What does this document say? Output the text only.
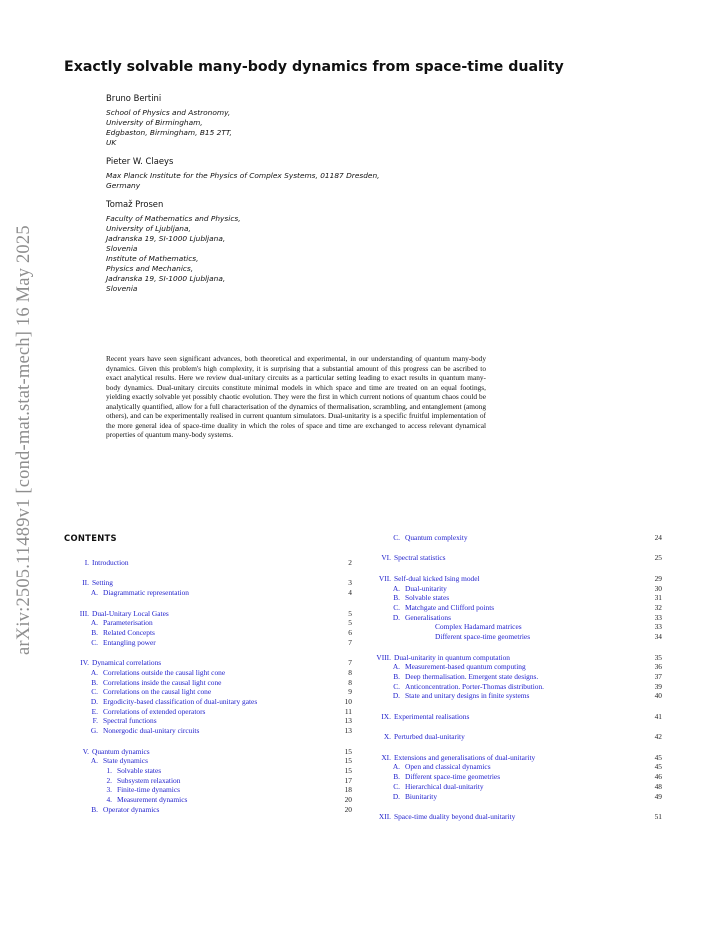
arXiv:2505.11489v1 [cond-mat.stat-mech] 16 May 2025
Exactly solvable many-body dynamics from space-time duality
Bruno Bertini
School of Physics and Astronomy,
University of Birmingham,
Edgbaston, Birmingham, B15 2TT,
UK
Pieter W. Claeys
Max Planck Institute for the Physics of Complex Systems, 01187 Dresden,
Germany
Tomaž Prosen
Faculty of Mathematics and Physics,
University of Ljubljana,
Jadranska 19, SI-1000 Ljubljana,
Slovenia
Institute of Mathematics,
Physics and Mechanics,
Jadranska 19, SI-1000 Ljubljana,
Slovenia
Recent years have seen significant advances, both theoretical and experimental, in our understanding of quantum many-body dynamics. Given this problem's high complexity, it is surprising that a substantial amount of this progress can be ascribed to exact analytical results. Here we review dual-unitary circuits as a particular setting leading to exact results in quantum many-body dynamics. Dual-unitary circuits constitute minimal models in which space and time are treated on an equal footings, yielding exactly solvable yet possibly chaotic evolution. They were the first in which current notions of quantum chaos could be analytically quantified, allow for a full characterisation of the dynamics of thermalisation, scrambling, and entanglement (among others), and can be experimentally realised in current quantum simulators. Dual-unitarity is a specific fruitful implementation of the more general idea of space-time duality in which the roles of space and time are exchanged to access relevant dynamical properties of quantum many-body systems.
CONTENTS
I. Introduction	2
II. Setting	3
A. Diagrammatic representation	4
III. Dual-Unitary Local Gates	5
A. Parameterisation	5
B. Related Concepts	6
C. Entangling power	7
IV. Dynamical correlations	7
A. Correlations outside the causal light cone	8
B. Correlations inside the causal light cone	8
C. Correlations on the causal light cone	9
D. Ergodicity-based classification of dual-unitary gates	10
E. Correlations of extended operators	11
F. Spectral functions	13
G. Nonergodic dual-unitary circuits	13
V. Quantum dynamics	15
A. State dynamics	15
1. Solvable states	15
2. Subsystem relaxation	17
3. Finite-time dynamics	18
4. Measurement dynamics	20
B. Operator dynamics	20
C. Quantum complexity	24
VI. Spectral statistics	25
VII. Self-dual kicked Ising model	29
A. Dual-unitarity	30
B. Solvable states	31
C. Matchgate and Clifford points	32
D. Generalisations	33
Complex Hadamard matrices	33
Different space-time geometries	34
VIII. Dual-unitarity in quantum computation	35
A. Measurement-based quantum computing	36
B. Deep thermalisation. Emergent state designs.	37
C. Anticoncentration. Porter-Thomas distribution.	39
D. State and unitary designs in finite systems	40
IX. Experimental realisations	41
X. Perturbed dual-unitarity	42
XI. Extensions and generalisations of dual-unitarity	45
A. Open and classical dynamics	45
B. Different space-time geometries	46
C. Hierarchical dual-unitarity	48
D. Biunitarity	49
XII. Space-time duality beyond dual-unitarity	51
